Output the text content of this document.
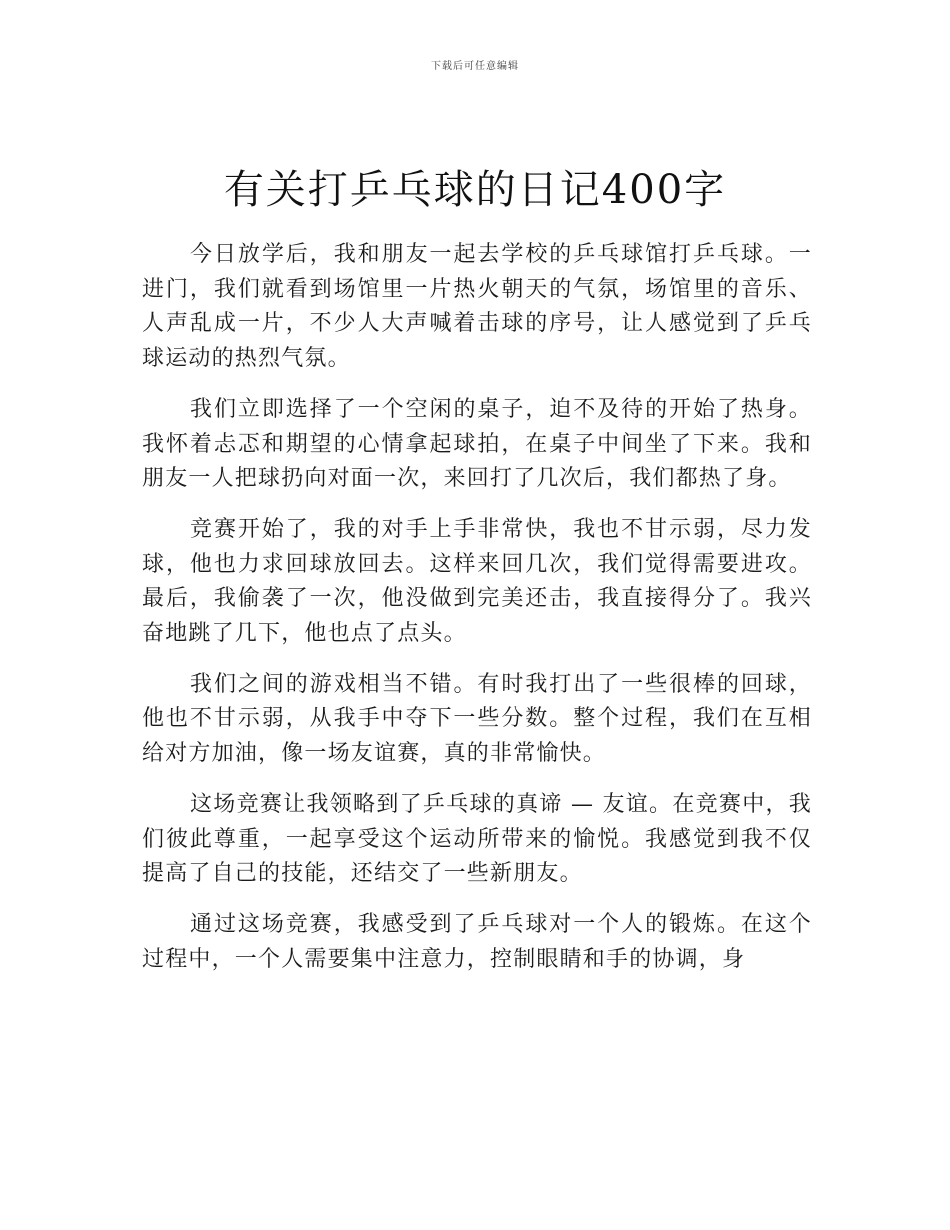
下载后可任意编辑
有关打乒乓球的日记400字

今日放学后，我和朋友一起去学校的乒乓球馆打乒乓球。一进门，我们就看到场馆里一片热火朝天的气氛，场馆里的音乐、人声乱成一片，不少人大声喊着击球的序号，让人感觉到了乒乓球运动的热烈气氛。

我们立即选择了一个空闲的桌子，迫不及待的开始了热身。我怀着忐忑和期望的心情拿起球拍，在桌子中间坐了下来。我和朋友一人把球扔向对面一次，来回打了几次后，我们都热了身。

竞赛开始了，我的对手上手非常快，我也不甘示弱，尽力发球，他也力求回球放回去。这样来回几次，我们觉得需要进攻。最后，我偷袭了一次，他没做到完美还击，我直接得分了。我兴奋地跳了几下，他也点了点头。

我们之间的游戏相当不错。有时我打出了一些很棒的回球，他也不甘示弱，从我手中夺下一些分数。整个过程，我们在互相给对方加油，像一场友谊赛，真的非常愉快。

这场竞赛让我领略到了乒乓球的真谛 — 友谊。在竞赛中，我们彼此尊重，一起享受这个运动所带来的愉悦。我感觉到我不仅提高了自己的技能，还结交了一些新朋友。

通过这场竞赛，我感受到了乒乓球对一个人的锻炼。在这个过程中，一个人需要集中注意力，控制眼睛和手的协调，身
